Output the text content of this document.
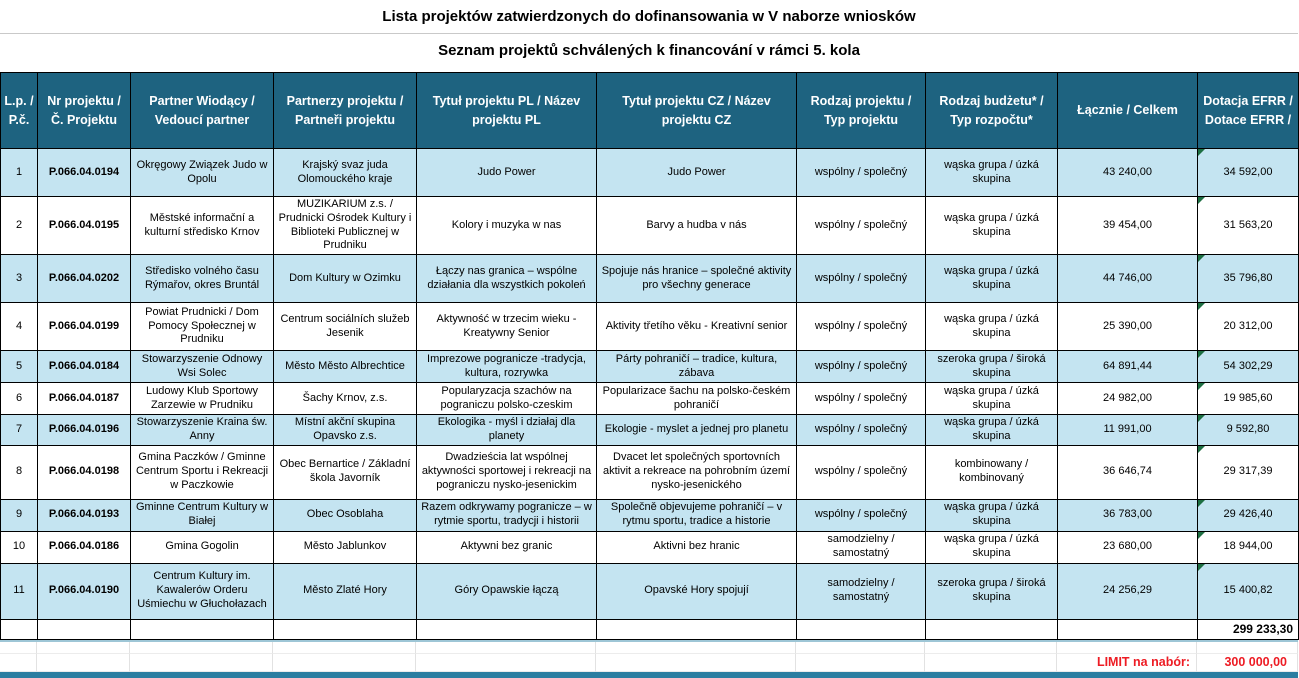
Lista projektów zatwierdzonych do dofinansowania w V naborze wniosków
Seznam projektů schválených k financování v rámci 5. kola
L.p. / P.č.	Nr projektu / Č. Projektu	Partner Wiodący / Vedoucí partner	Partnerzy projektu / Partneři projektu	Tytuł projektu PL / Název projektu PL	Tytuł projektu CZ / Název projektu CZ	Rodzaj projektu / Typ projektu	Rodzaj budżetu* / Typ rozpočtu*	Łącznie / Celkem	Dotacja EFRR / Dotace EFRR /
1	P.066.04.0194	Okręgowy Związek Judo w Opolu	Krajský svaz juda Olomouckého kraje	Judo Power	Judo Power	wspólny / společný	wąska grupa / úzká skupina	43 240,00	34 592,00
2	P.066.04.0195	Městské informační a kulturní středisko Krnov	MUZIKARIUM z.s. / Prudnicki Ośrodek Kultury i Biblioteki Publicznej w Prudniku	Kolory i muzyka w nas	Barvy a hudba v nás	wspólny / společný	wąska grupa / úzká skupina	39 454,00	31 563,20
3	P.066.04.0202	Středisko volného času Rýmařov, okres Bruntál	Dom Kultury w Ozimku	Łączy nas granica – wspólne działania dla wszystkich pokoleń	Spojuje nás hranice – společné aktivity pro všechny generace	wspólny / společný	wąska grupa / úzká skupina	44 746,00	35 796,80
4	P.066.04.0199	Powiat Prudnicki / Dom Pomocy Społecznej w Prudniku	Centrum sociálních služeb Jesenik	Aktywność w trzecim wieku - Kreatywny Senior	Aktivity třetího věku - Kreativní senior	wspólny / společný	wąska grupa / úzká skupina	25 390,00	20 312,00
5	P.066.04.0184	Stowarzyszenie Odnowy Wsi Solec	Město Město Albrechtice	Imprezowe pogranicze -tradycja, kultura, rozrywka	Párty pohraničí – tradice, kultura, zábava	wspólny / společný	szeroka grupa / široká skupina	64 891,44	54 302,29
6	P.066.04.0187	Ludowy Klub Sportowy Zarzewie w Prudniku	Šachy Krnov, z.s.	Popularyzacja szachów na pograniczu polsko-czeskim	Popularizace šachu na polsko-českém pohraničí	wspólny / společný	wąska grupa / úzká skupina	24 982,00	19 985,60
7	P.066.04.0196	Stowarzyszenie Kraina św. Anny	Místní akční skupina Opavsko z.s.	Ekologika - myśl i działaj dla planety	Ekologie - myslet a jednej pro planetu	wspólny / společný	wąska grupa / úzká skupina	11 991,00	9 592,80
8	P.066.04.0198	Gmina Paczków / Gminne Centrum Sportu i Rekreacji w Paczkowie	Obec Bernartice / Základní škola Javorník	Dwadzieścia lat wspólnej aktywności sportowej i rekreacji na pograniczu nysko-jesenickim	Dvacet let společných sportovních aktivit a rekreace na pohrobním území nysko-jesenického	wspólny / společný	kombinowany / kombinovaný	36 646,74	29 317,39
9	P.066.04.0193	Gminne Centrum Kultury w Białej	Obec Osoblaha	Razem odkrywamy pogranicze – w rytmie sportu, tradycji i historii	Společně objevujeme pohraničí – v rytmu sportu, tradice a historie	wspólny / společný	wąska grupa / úzká skupina	36 783,00	29 426,40
10	P.066.04.0186	Gmina Gogolin	Město Jablunkov	Aktywni bez granic	Aktivni bez hranic	samodzielny / samostatný	wąska grupa / úzká skupina	23 680,00	18 944,00
11	P.066.04.0190	Centrum Kultury im. Kawalerów Orderu Uśmiechu w Głuchołazach	Město Zlaté Hory	Góry Opawskie łączą	Opavské Hory spojují	samodzielny / samostatný	szeroka grupa / široká skupina	24 256,29	15 400,82
									299 233,30
LIMIT na nabór:	300 000,00
